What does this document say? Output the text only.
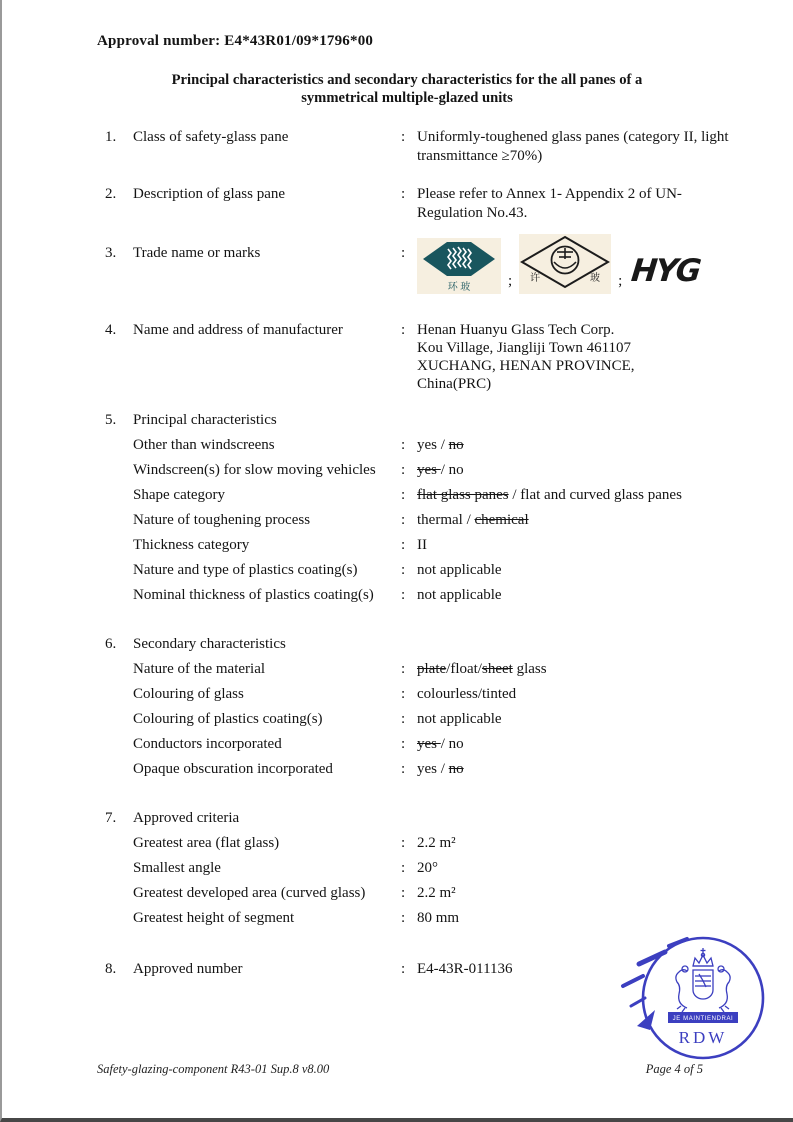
Approval number: E4*43R01/09*1796*00
Principal characteristics and secondary characteristics for the all panes of a
symmetrical multiple-glazed units
1.	Class of safety-glass pane	: Uniformly-toughened glass panes (category II, light transmittance ≥70%)
2.	Description of glass pane	: Please refer to Annex 1- Appendix 2 of UN-Regulation No.43.
3.	Trade name or marks	:
环 玻	; 许	玻 ; HYG
4.	Name and address of manufacturer	: Henan Huanyu Glass Tech Corp.
Kou Village, Jiangliji Town 461107
XUCHANG, HENAN PROVINCE,
China(PRC)
5.	Principal characteristics
Other than windscreens	: yes / no
Windscreen(s) for slow moving vehicles	: yes / no
Shape category	: flat glass panes / flat and curved glass panes
Nature of toughening process	: thermal / chemical
Thickness category	: II
Nature and type of plastics coating(s)	: not applicable
Nominal thickness of plastics coating(s)	: not applicable
6.	Secondary characteristics
Nature of the material	: plate/float/sheet glass
Colouring of glass	: colourless/tinted
Colouring of plastics coating(s)	: not applicable
Conductors incorporated	: yes / no
Opaque obscuration incorporated	: yes / no
7.	Approved criteria
Greatest area (flat glass)	: 2.2 m²
Smallest angle	: 20°
Greatest developed area (curved glass)	: 2.2 m²
Greatest height of segment	: 80 mm
8.	Approved number	: E4-43R-011136
JE MAINTIENDRAI
RDW
Safety-glazing-component R43-01 Sup.8 v8.00	Page 4 of 5
